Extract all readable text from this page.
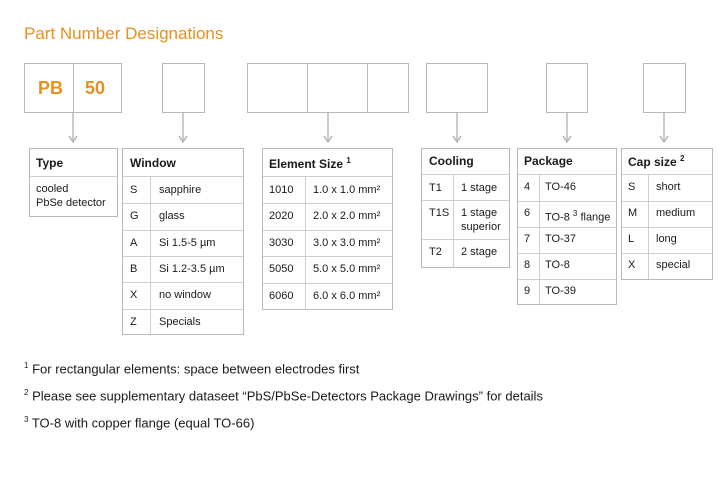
Part Number Designations
PB 50
Type
cooled
PbSe detector
Window
S sapphire
G glass
A Si 1.5-5 µm
B Si 1.2-3.5 µm
X no window
Z Specials
Element Size $^1$
1010 1.0 x 1.0 mm²
2020 2.0 x 2.0 mm²
3030 3.0 x 3.0 mm²
5050 5.0 x 5.0 mm²
6060 6.0 x 6.0 mm²
Cooling
T1 1 stage
T1S 1 stage
superior
T2 2 stage
Package
4 TO-46
6 TO-8 $^3$ flange
7 TO-37
8 TO-8
9 TO-39
Cap size $^2$
S short
M medium
L long
X special
$^1$ For rectangular elements: space between electrodes first
$^2$ Please see supplementary dataseet “PbS/PbSe-Detectors Package Drawings” for details
$^3$ TO-8 with copper flange (equal TO-66)
